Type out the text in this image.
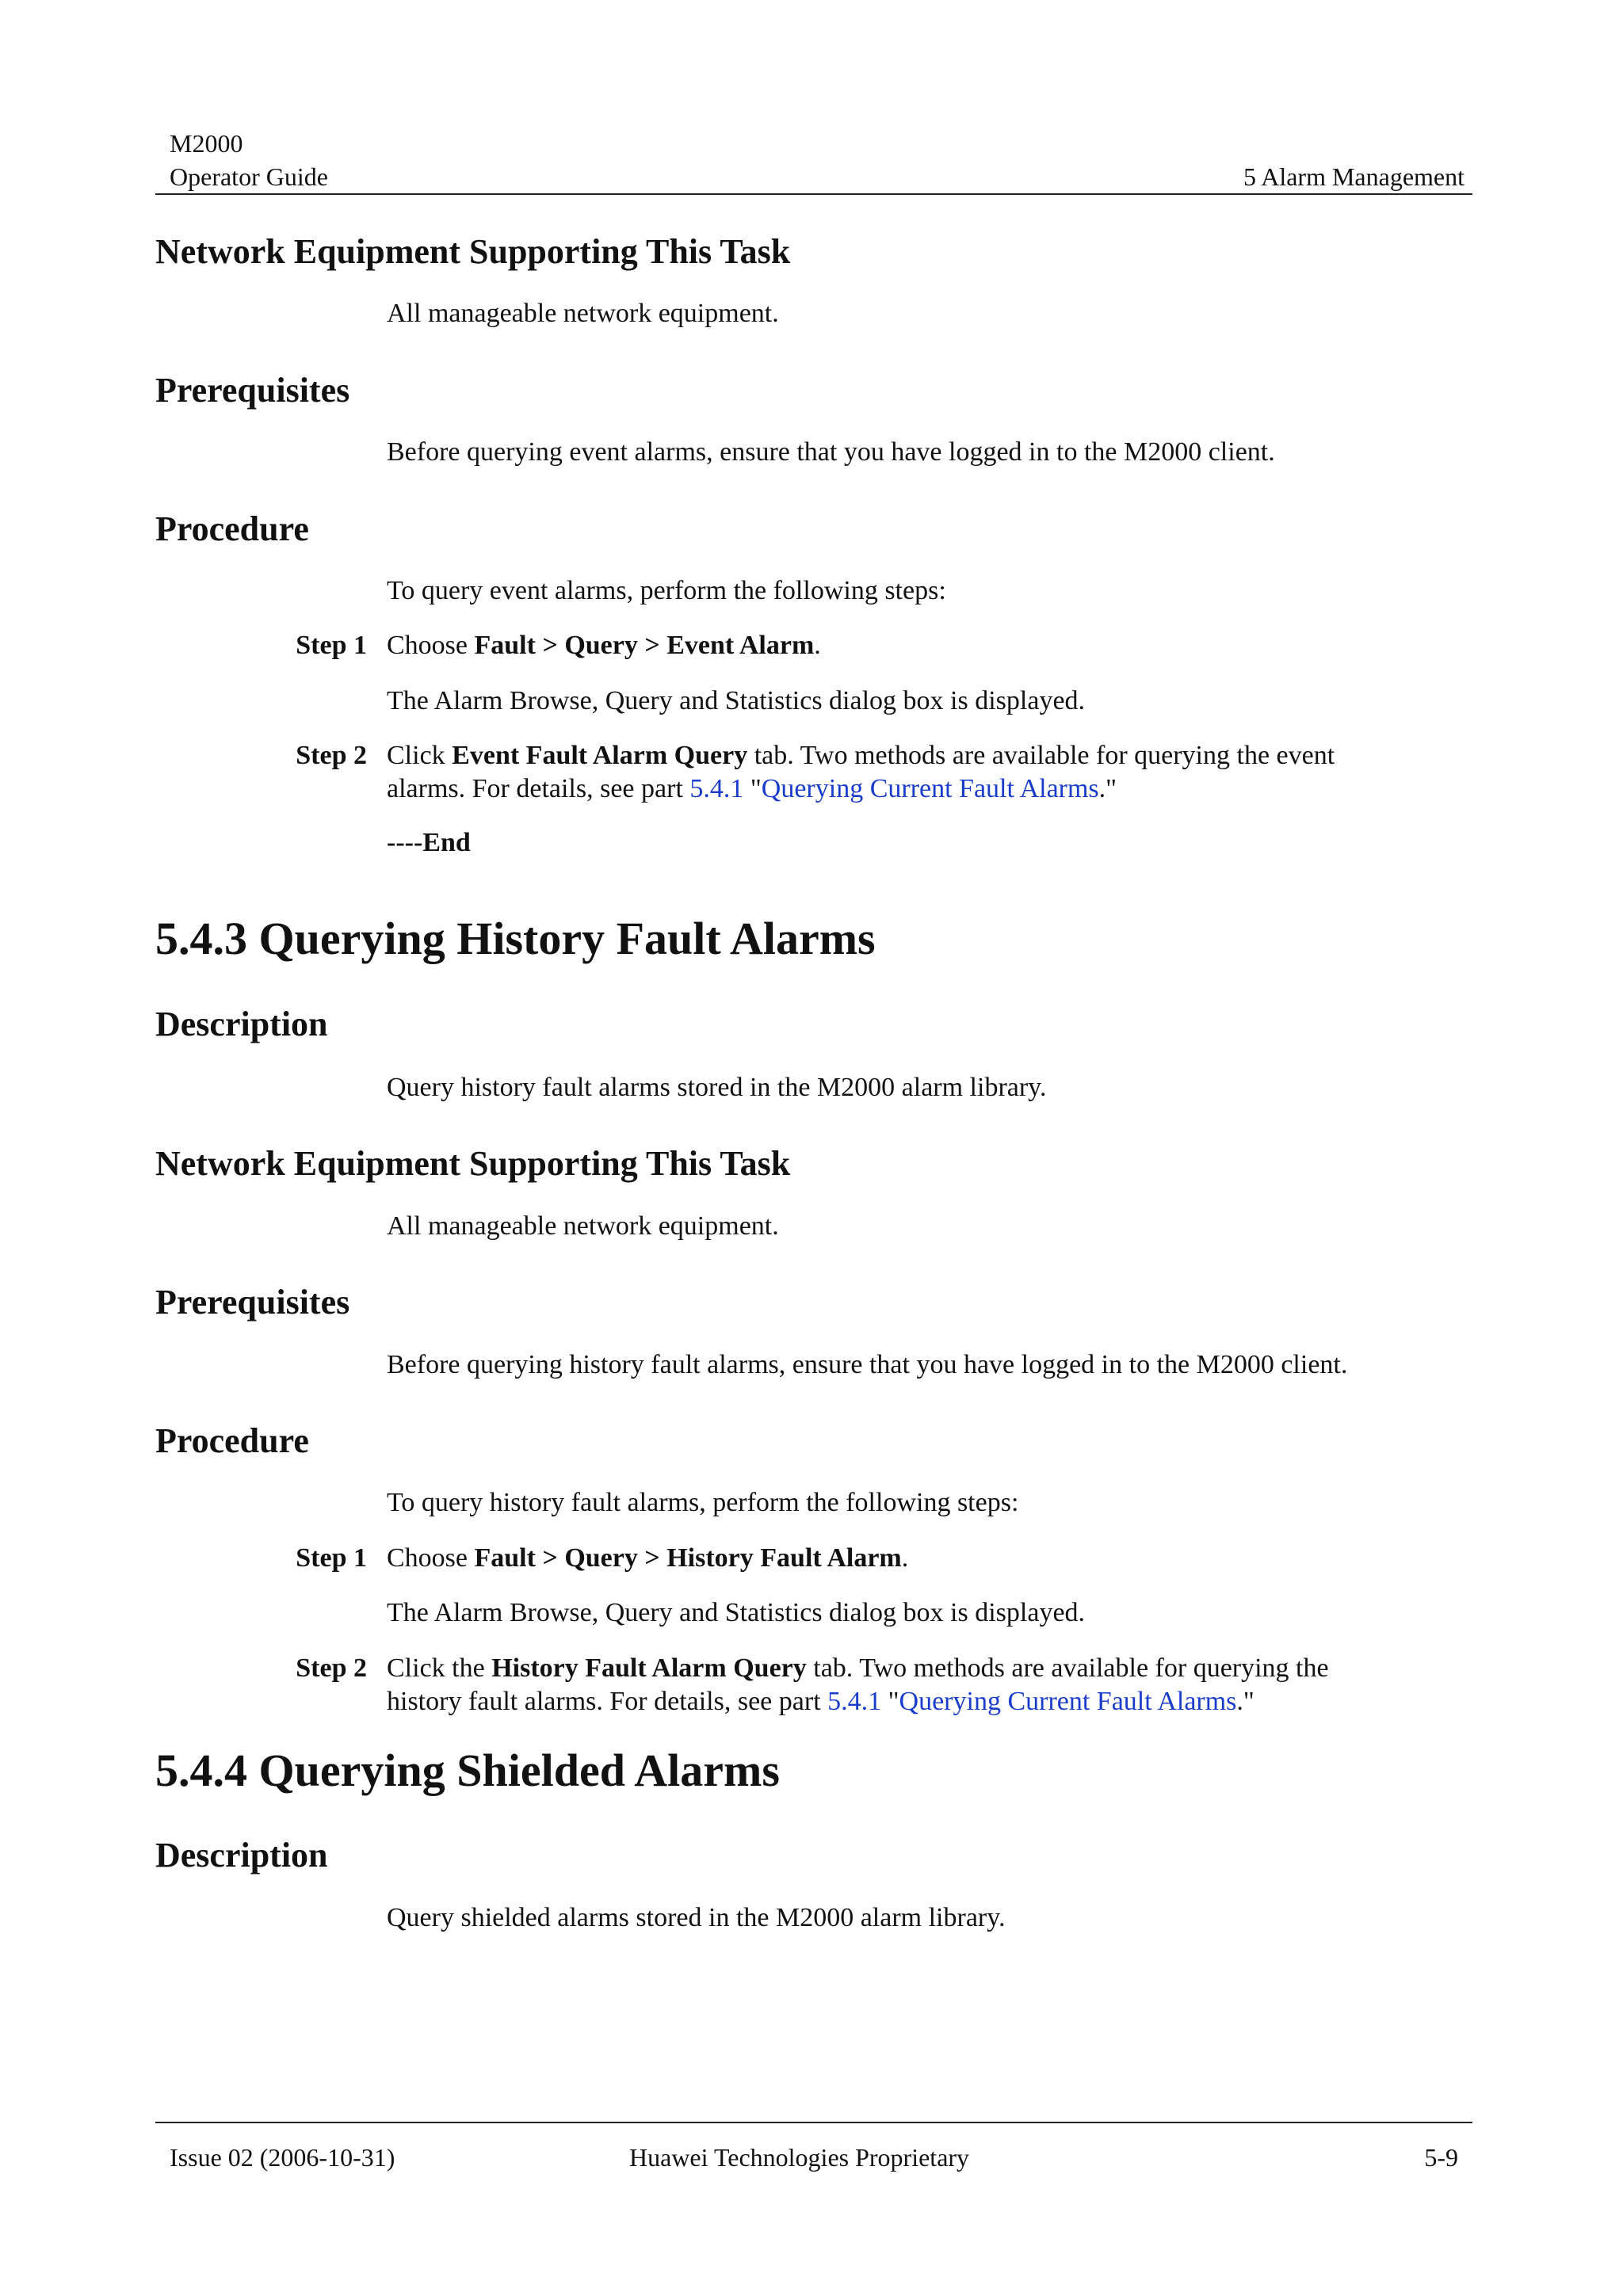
M2000
Operator Guide	5 Alarm Management
Network Equipment Supporting This Task
All manageable network equipment.
Prerequisites
Before querying event alarms, ensure that you have logged in to the M2000 client.
Procedure
To query event alarms, perform the following steps:
Step 1 Choose Fault > Query > Event Alarm.
The Alarm Browse, Query and Statistics dialog box is displayed.
Step 2 Click Event Fault Alarm Query tab. Two methods are available for querying the event
alarms. For details, see part 5.4.1 "Querying Current Fault Alarms."
----End
5.4.3 Querying History Fault Alarms
Description
Query history fault alarms stored in the M2000 alarm library.
Network Equipment Supporting This Task
All manageable network equipment.
Prerequisites
Before querying history fault alarms, ensure that you have logged in to the M2000 client.
Procedure
To query history fault alarms, perform the following steps:
Step 1 Choose Fault > Query > History Fault Alarm.
The Alarm Browse, Query and Statistics dialog box is displayed.
Step 2 Click the History Fault Alarm Query tab. Two methods are available for querying the
history fault alarms. For details, see part 5.4.1 "Querying Current Fault Alarms."
5.4.4 Querying Shielded Alarms
Description
Query shielded alarms stored in the M2000 alarm library.
Issue 02 (2006-10-31)	Huawei Technologies Proprietary	5-9
